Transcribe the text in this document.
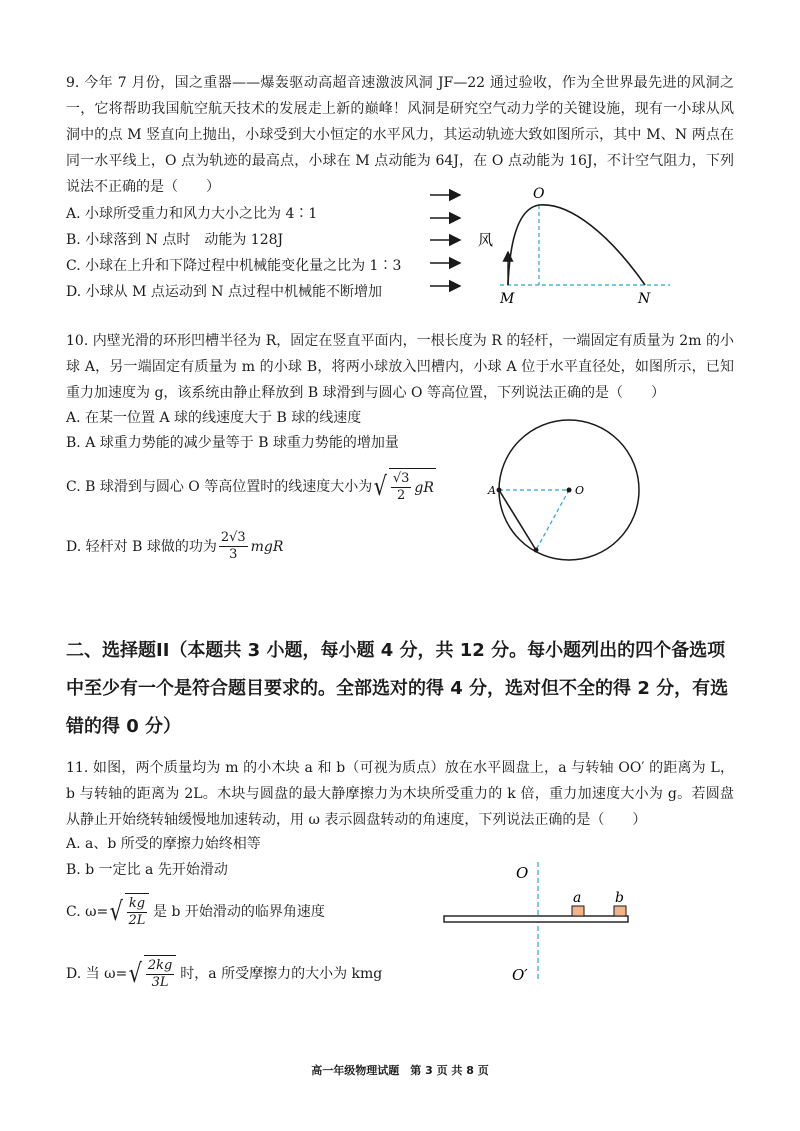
9. 今年 7 月份，国之重器——爆轰驱动高超音速激波风洞 JF—22 通过验收，作为全世界最先进的风洞之一，它将帮助我国航空航天技术的发展走上新的巅峰！风洞是研究空气动力学的关键设施，现有一小球从风洞中的点 M 竖直向上抛出，小球受到大小恒定的水平风力，其运动轨迹大致如图所示，其中 M、N 两点在同一水平线上，O 点为轨迹的最高点，小球在 M 点动能为 64J，在 O 点动能为 16J，不计空气阻力，下列说法不正确的是（　　）
A. 小球所受重力和风力大小之比为 4∶1
B. 小球落到 N 点时　动能为 128J
C. 小球在上升和下降过程中机械能变化量之比为 1∶3
D. 小球从 M 点运动到 N 点过程中机械能不断增加
风
O
M	N
10. 内壁光滑的环形凹槽半径为 R，固定在竖直平面内，一根长度为 R 的轻杆，一端固定有质量为 2m 的小球 A，另一端固定有质量为 m 的小球 B，将两小球放入凹槽内，小球 A 位于水平直径处，如图所示，已知重力加速度为 g，该系统由静止释放到 B 球滑到与圆心 O 等高位置，下列说法正确的是（　　）
A. 在某一位置 A 球的线速度大于 B 球的线速度
B. A 球重力势能的减少量等于 B 球重力势能的增加量
C. B 球滑到与圆心 O 等高位置时的线速度大小为 √ $\frac{√3}{2}$ gR
D. 轻杆对 B 球做的功为 $\frac{2√3}{3}$ mgR
A	O
二、选择题II（本题共 3 小题，每小题 4 分，共 12 分。每小题列出的四个备选项中至少有一个是符合题目要求的。全部选对的得 4 分，选对但不全的得 2 分，有选错的得 0 分）
11. 如图，两个质量均为 m 的小木块 a 和 b（可视为质点）放在水平圆盘上，a 与转轴 OO′ 的距离为 L，b 与转轴的距离为 2L。木块与圆盘的最大静摩擦力为木块所受重力的 k 倍，重力加速度大小为 g。若圆盘从静止开始绕转轴缓慢地加速转动，用 ω 表示圆盘转动的角速度，下列说法正确的是（　　）
A. a、b 所受的摩擦力始终相等
B. b 一定比 a 先开始滑动
C. ω= √ $\frac{kg}{2L}$ 是 b 开始滑动的临界角速度
D. 当 ω= √ $\frac{2kg}{3L}$ 时，a 所受摩擦力的大小为 kmg
O
O′
a b
高一年级物理试题　第 3 页 共 8 页
